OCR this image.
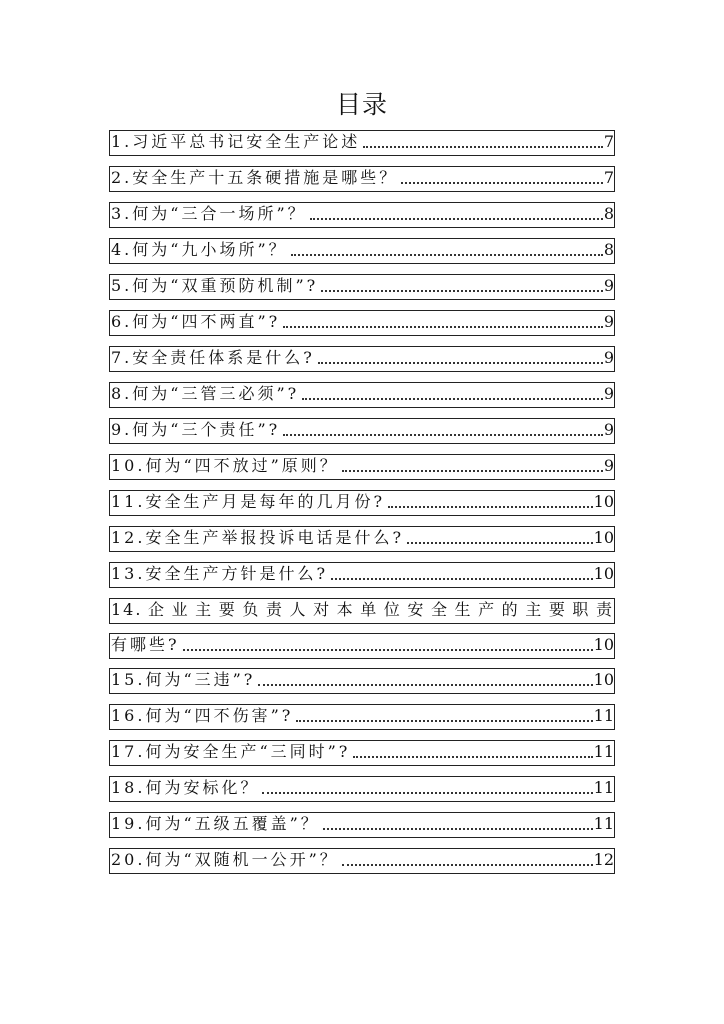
目录
1.习近平总书记安全生产论述	7
2.安全生产十五条硬措施是哪些？	7
3.何为“三合一场所”？	8
4.何为“九小场所”？	8
5.何为“双重预防机制”?	9
6.何为“四不两直”?	9
7.安全责任体系是什么?	9
8.何为“三管三必须”?	9
9.何为“三个责任”?	9
10.何为“四不放过”原则？	9
11.安全生产月是每年的几月份?	10
12.安全生产举报投诉电话是什么?	10
13.安全生产方针是什么?	10
14.企业主要负责人对本单位安全生产的主要职责
有哪些?	10
15.何为“三违”?	10
16.何为“四不伤害”?	11
17.何为安全生产“三同时”?	11
18.何为安标化？	11
19.何为“五级五覆盖”？	11
20.何为“双随机一公开”？	12
